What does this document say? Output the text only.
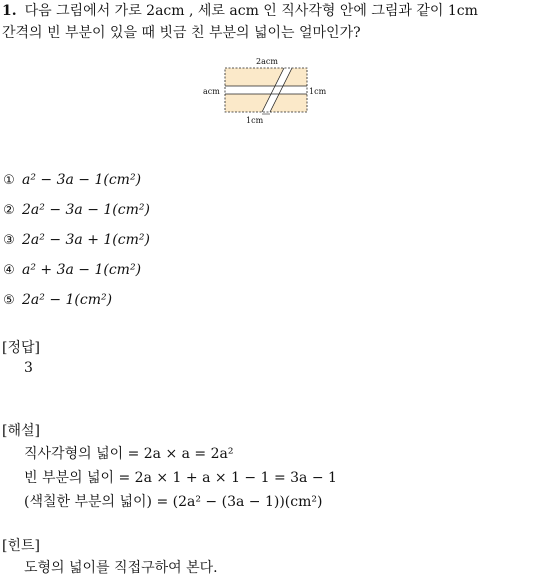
1. 다음 그림에서 가로 2acm , 세로 acm 인 직사각형 안에 그림과 같이 1cm
간격의 빈 부분이 있을 때 빗금 친 부분의 넓이는 얼마인가?
2acm
acm	1cm
1cm
① a² − 3a − 1(cm²)
② 2a² − 3a − 1(cm²)
③ 2a² − 3a + 1(cm²)
④ a² + 3a − 1(cm²)
⑤ 2a² − 1(cm²)
[정답]
3
[해설]
직사각형의 넓이 = 2a × a = 2a²
빈 부분의 넓이 = 2a × 1 + a × 1 − 1 = 3a − 1
(색칠한 부분의 넓이) = (2a² − (3a − 1))(cm²)
[힌트]
도형의 넓이를 직접구하여 본다.
